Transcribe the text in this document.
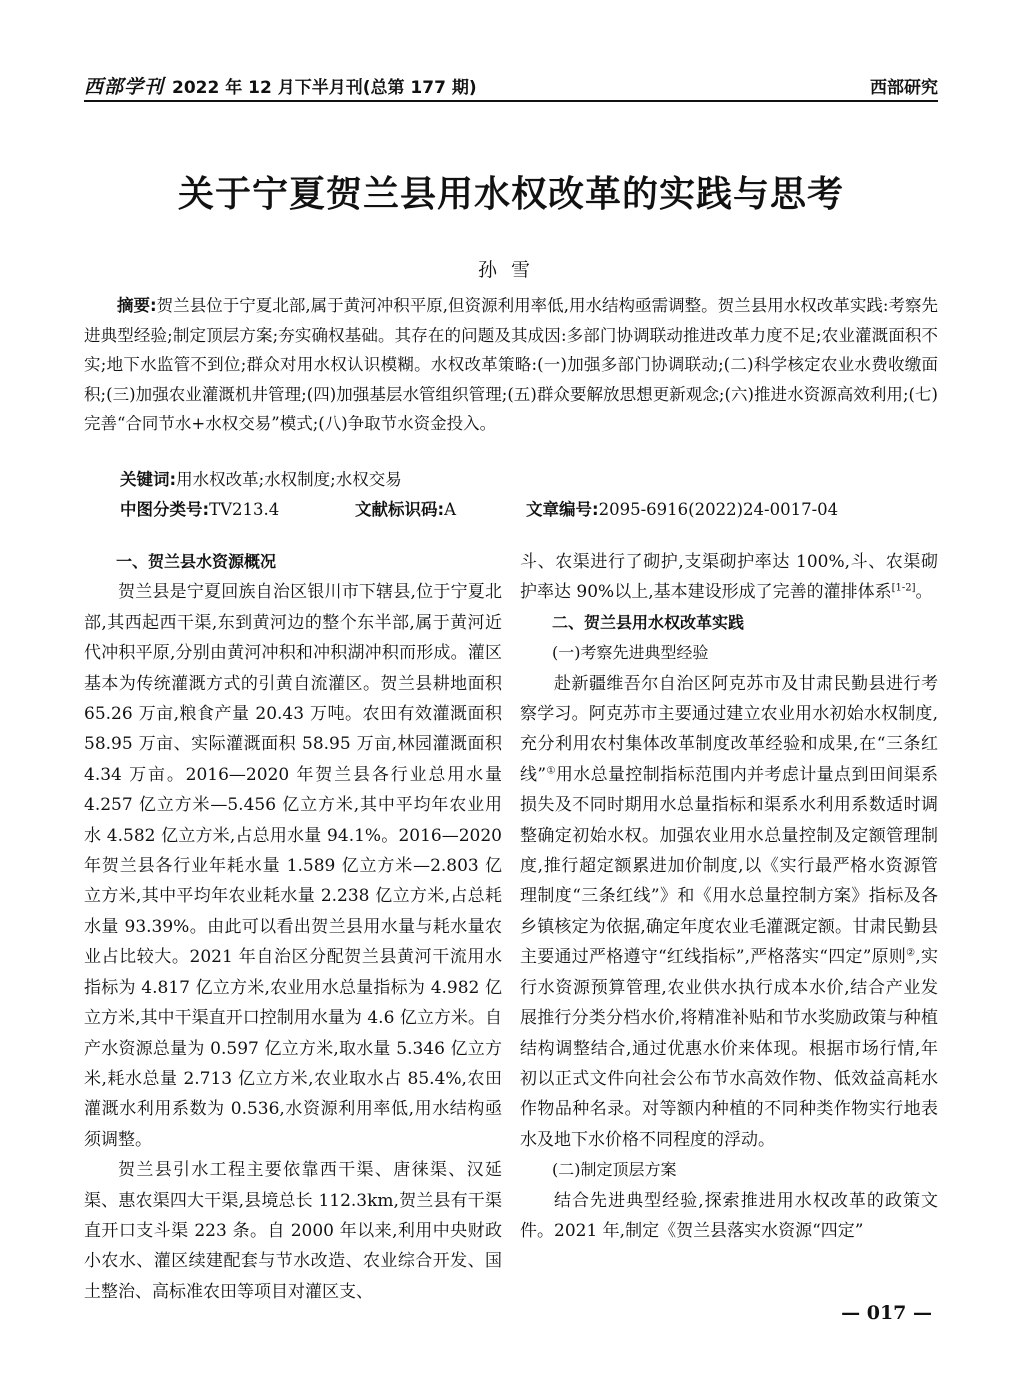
西部学刊 2022 年 12 月下半月刊(总第 177 期)	西部研究
关于宁夏贺兰县用水权改革的实践与思考
孙雪

摘要:贺兰县位于宁夏北部,属于黄河冲积平原,但资源利用率低,用水结构亟需调整。贺兰县用水权改革实践:考察先进典型经验;制定顶层方案;夯实确权基础。其存在的问题及其成因:多部门协调联动推进改革力度不足;农业灌溉面积不实;地下水监管不到位;群众对用水权认识模糊。水权改革策略:(一)加强多部门协调联动;(二)科学核定农业水费收缴面积;(三)加强农业灌溉机井管理;(四)加强基层水管组织管理;(五)群众要解放思想更新观念;(六)推进水资源高效利用;(七)完善“合同节水+水权交易”模式;(八)争取节水资金投入。

关键词:用水权改革;水权制度;水权交易
中图分类号:TV213.4	文献标识码:A	文章编号:2095-6916(2022)24-0017-04
一、贺兰县水资源概况

贺兰县是宁夏回族自治区银川市下辖县,位于宁夏北部,其西起西干渠,东到黄河边的整个东半部,属于黄河近代冲积平原,分别由黄河冲积和冲积湖冲积而形成。灌区基本为传统灌溉方式的引黄自流灌区。贺兰县耕地面积 65.26 万亩,粮食产量 20.43 万吨。农田有效灌溉面积 58.95 万亩、实际灌溉面积 58.95 万亩,林园灌溉面积 4.34 万亩。2016—2020 年贺兰县各行业总用水量 4.257 亿立方米—5.456 亿立方米,其中平均年农业用水 4.582 亿立方米,占总用水量 94.1%。2016—2020 年贺兰县各行业年耗水量 1.589 亿立方米—2.803 亿立方米,其中平均年农业耗水量 2.238 亿立方米,占总耗水量 93.39%。由此可以看出贺兰县用水量与耗水量农业占比较大。2021 年自治区分配贺兰县黄河干流用水指标为 4.817 亿立方米,农业用水总量指标为 4.982 亿立方米,其中干渠直开口控制用水量为 4.6 亿立方米。自产水资源总量为 0.597 亿立方米,取水量 5.346 亿立方米,耗水总量 2.713 亿立方米,农业取水占 85.4%,农田灌溉水利用系数为 0.536,水资源利用率低,用水结构亟须调整。

贺兰县引水工程主要依靠西干渠、唐徕渠、汉延渠、惠农渠四大干渠,县境总长 112.3km,贺兰县有干渠直开口支斗渠 223 条。自 2000 年以来,利用中央财政小农水、灌区续建配套与节水改造、农业综合开发、国土整治、高标准农田等项目对灌区支、

斗、农渠进行了砌护,支渠砌护率达 100%,斗、农渠砌护率达 90%以上,基本建设形成了完善的灌排体系[1-2]。

二、贺兰县用水权改革实践
(一)考察先进典型经验

赴新疆维吾尔自治区阿克苏市及甘肃民勤县进行考察学习。阿克苏市主要通过建立农业用水初始水权制度,充分利用农村集体改革制度改革经验和成果,在“三条红线”①用水总量控制指标范围内并考虑计量点到田间渠系损失及不同时期用水总量指标和渠系水利用系数适时调整确定初始水权。加强农业用水总量控制及定额管理制度,推行超定额累进加价制度,以《实行最严格水资源管理制度“三条红线”》和《用水总量控制方案》指标及各乡镇核定为依据,确定年度农业毛灌溉定额。甘肃民勤县主要通过严格遵守“红线指标”,严格落实“四定”原则②,实行水资源预算管理,农业供水执行成本水价,结合产业发展推行分类分档水价,将精准补贴和节水奖励政策与种植结构调整结合,通过优惠水价来体现。根据市场行情,年初以正式文件向社会公布节水高效作物、低效益高耗水作物品种名录。对等额内种植的不同种类作物实行地表水及地下水价格不同程度的浮动。

(二)制定顶层方案

结合先进典型经验,探索推进用水权改革的政策文件。2021 年,制定《贺兰县落实水资源“四定”

— 017 —
